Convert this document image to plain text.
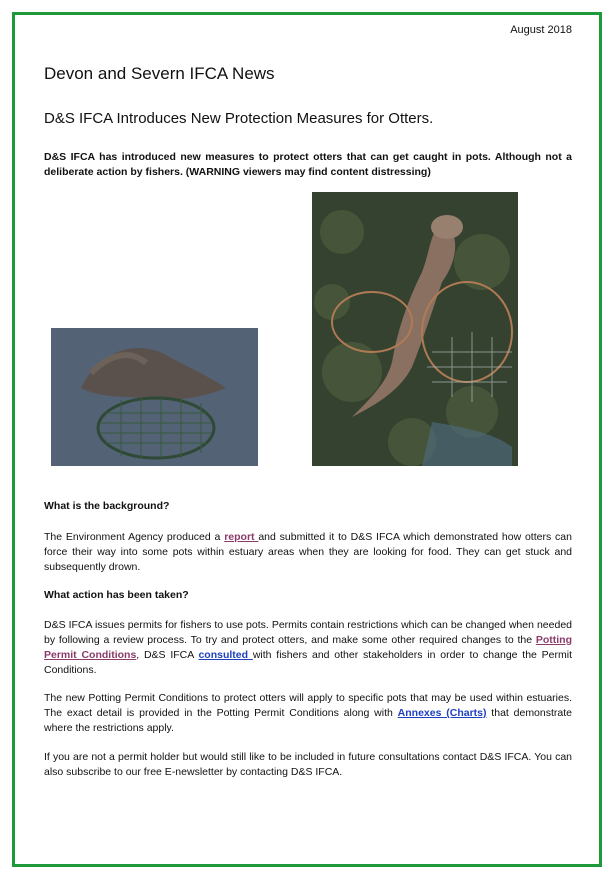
August 2018
Devon and Severn IFCA News
D&S IFCA Introduces New Protection Measures for Otters.

D&S IFCA has introduced new measures to protect otters that can get caught in pots. Although not a deliberate action by fishers. (WARNING viewers may find content distressing)

What is the background?

The Environment Agency produced a report and submitted it to D&S IFCA which demonstrated how otters can force their way into some pots within estuary areas when they are looking for food. They can get stuck and subsequently drown.

What action has been taken?

D&S IFCA issues permits for fishers to use pots. Permits contain restrictions which can be changed when needed by following a review process. To try and protect otters, and make some other required changes to the Potting Permit Conditions, D&S IFCA consulted with fishers and other stakeholders in order to change the Permit Conditions.

The new Potting Permit Conditions to protect otters will apply to specific pots that may be used within estuaries. The exact detail is provided in the Potting Permit Conditions along with Annexes (Charts) that demonstrate where the restrictions apply.

If you are not a permit holder but would still like to be included in future consultations contact D&S IFCA. You can also subscribe to our free E-newsletter by contacting D&S IFCA.
